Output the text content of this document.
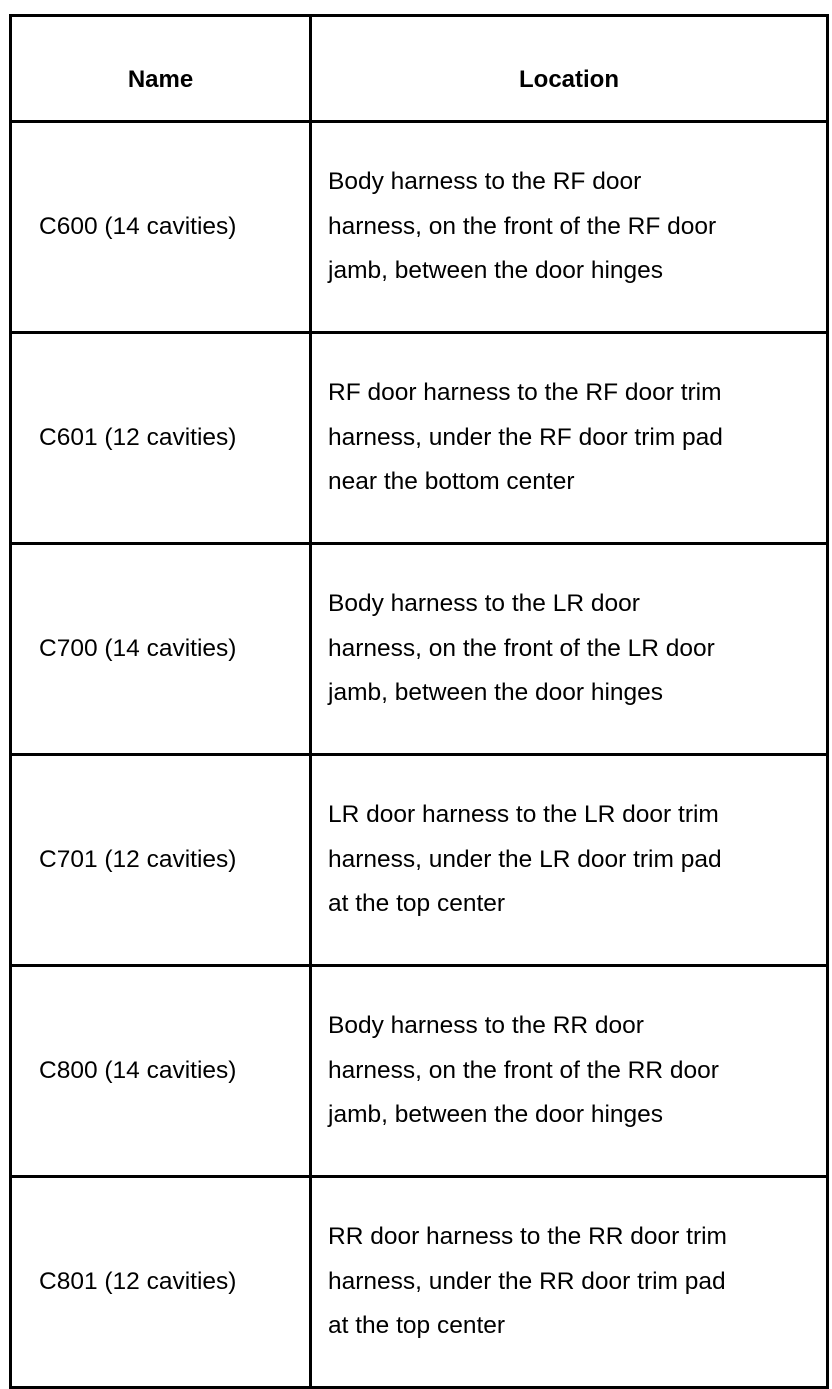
Name	Location
C600 (14 cavities)	Body harness to the RF door
harness, on the front of the RF door
jamb, between the door hinges

C601 (12 cavities)	RF door harness to the RF door trim
harness, under the RF door trim pad
near the bottom center

C700 (14 cavities)	Body harness to the LR door
harness, on the front of the LR door
jamb, between the door hinges

C701 (12 cavities)	LR door harness to the LR door trim
harness, under the LR door trim pad
at the top center

C800 (14 cavities)	Body harness to the RR door
harness, on the front of the RR door
jamb, between the door hinges

C801 (12 cavities)	RR door harness to the RR door trim
harness, under the RR door trim pad
at the top center
